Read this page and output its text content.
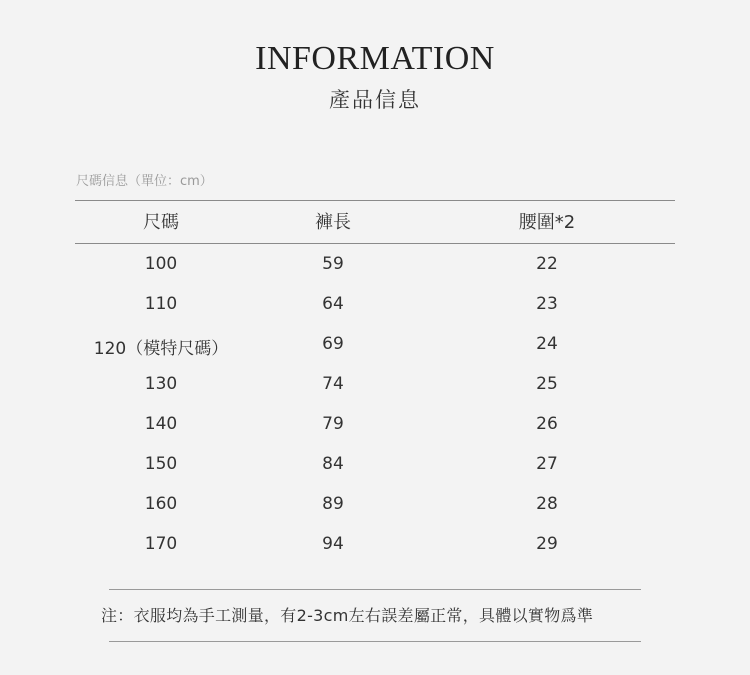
INFORMATION
產品信息
尺碼信息（單位：cm）
尺碼	褲長	腰圍*2
100	59	22
110	64	23
120（模特尺碼）	69	24
130	74	25
140	79	26
150	84	27
160	89	28
170	94	29
注：衣服均為手工測量，有2-3cm左右誤差屬正常，具體以實物爲準
